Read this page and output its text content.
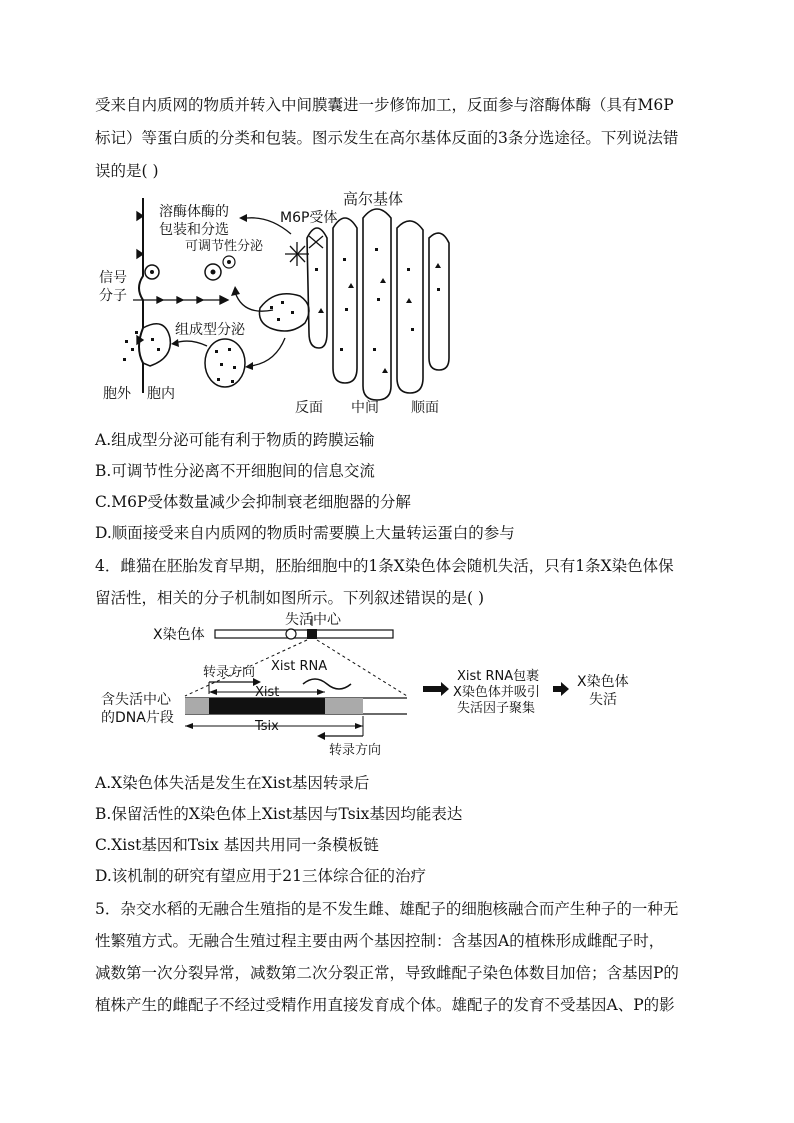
受来自内质网的物质并转入中间膜囊进一步修饰加工，反面参与溶酶体酶（具有M6P
标记）等蛋白质的分类和包装。图示发生在高尔基体反面的3条分选途径。下列说法错
误的是( )
溶酶体酶的
包装和分选
M6P受体
高尔基体
可调节性分泌
信号
分子
组成型分泌
胞外 胞内
反面 中间 顺面
A.组成型分泌可能有利于物质的跨膜运输
B.可调节性分泌离不开细胞间的信息交流
C.M6P受体数量减少会抑制衰老细胞器的分解
D.顺面接受来自内质网的物质时需要膜上大量转运蛋白的参与
4．雌猫在胚胎发育早期，胚胎细胞中的1条X染色体会随机失活，只有1条X染色体保
留活性，相关的分子机制如图所示。下列叙述错误的是( )
失活中心
X染色体
转录方向 Xist RNA
Xist
含失活中心
的DNA片段
Tsix
转录方向
Xist RNA包裹
X染色体并吸引
失活因子聚集
X染色体
失活
A.X染色体失活是发生在Xist基因转录后
B.保留活性的X染色体上Xist基因与Tsix基因均能表达
C.Xist基因和Tsix 基因共用同一条模板链
D.该机制的研究有望应用于21三体综合征的治疗
5．杂交水稻的无融合生殖指的是不发生雌、雄配子的细胞核融合而产生种子的一种无
性繁殖方式。无融合生殖过程主要由两个基因控制：含基因A的植株形成雌配子时，
减数第一次分裂异常，减数第二次分裂正常，导致雌配子染色体数目加倍；含基因P的
植株产生的雌配子不经过受精作用直接发育成个体。雄配子的发育不受基因A、P的影
